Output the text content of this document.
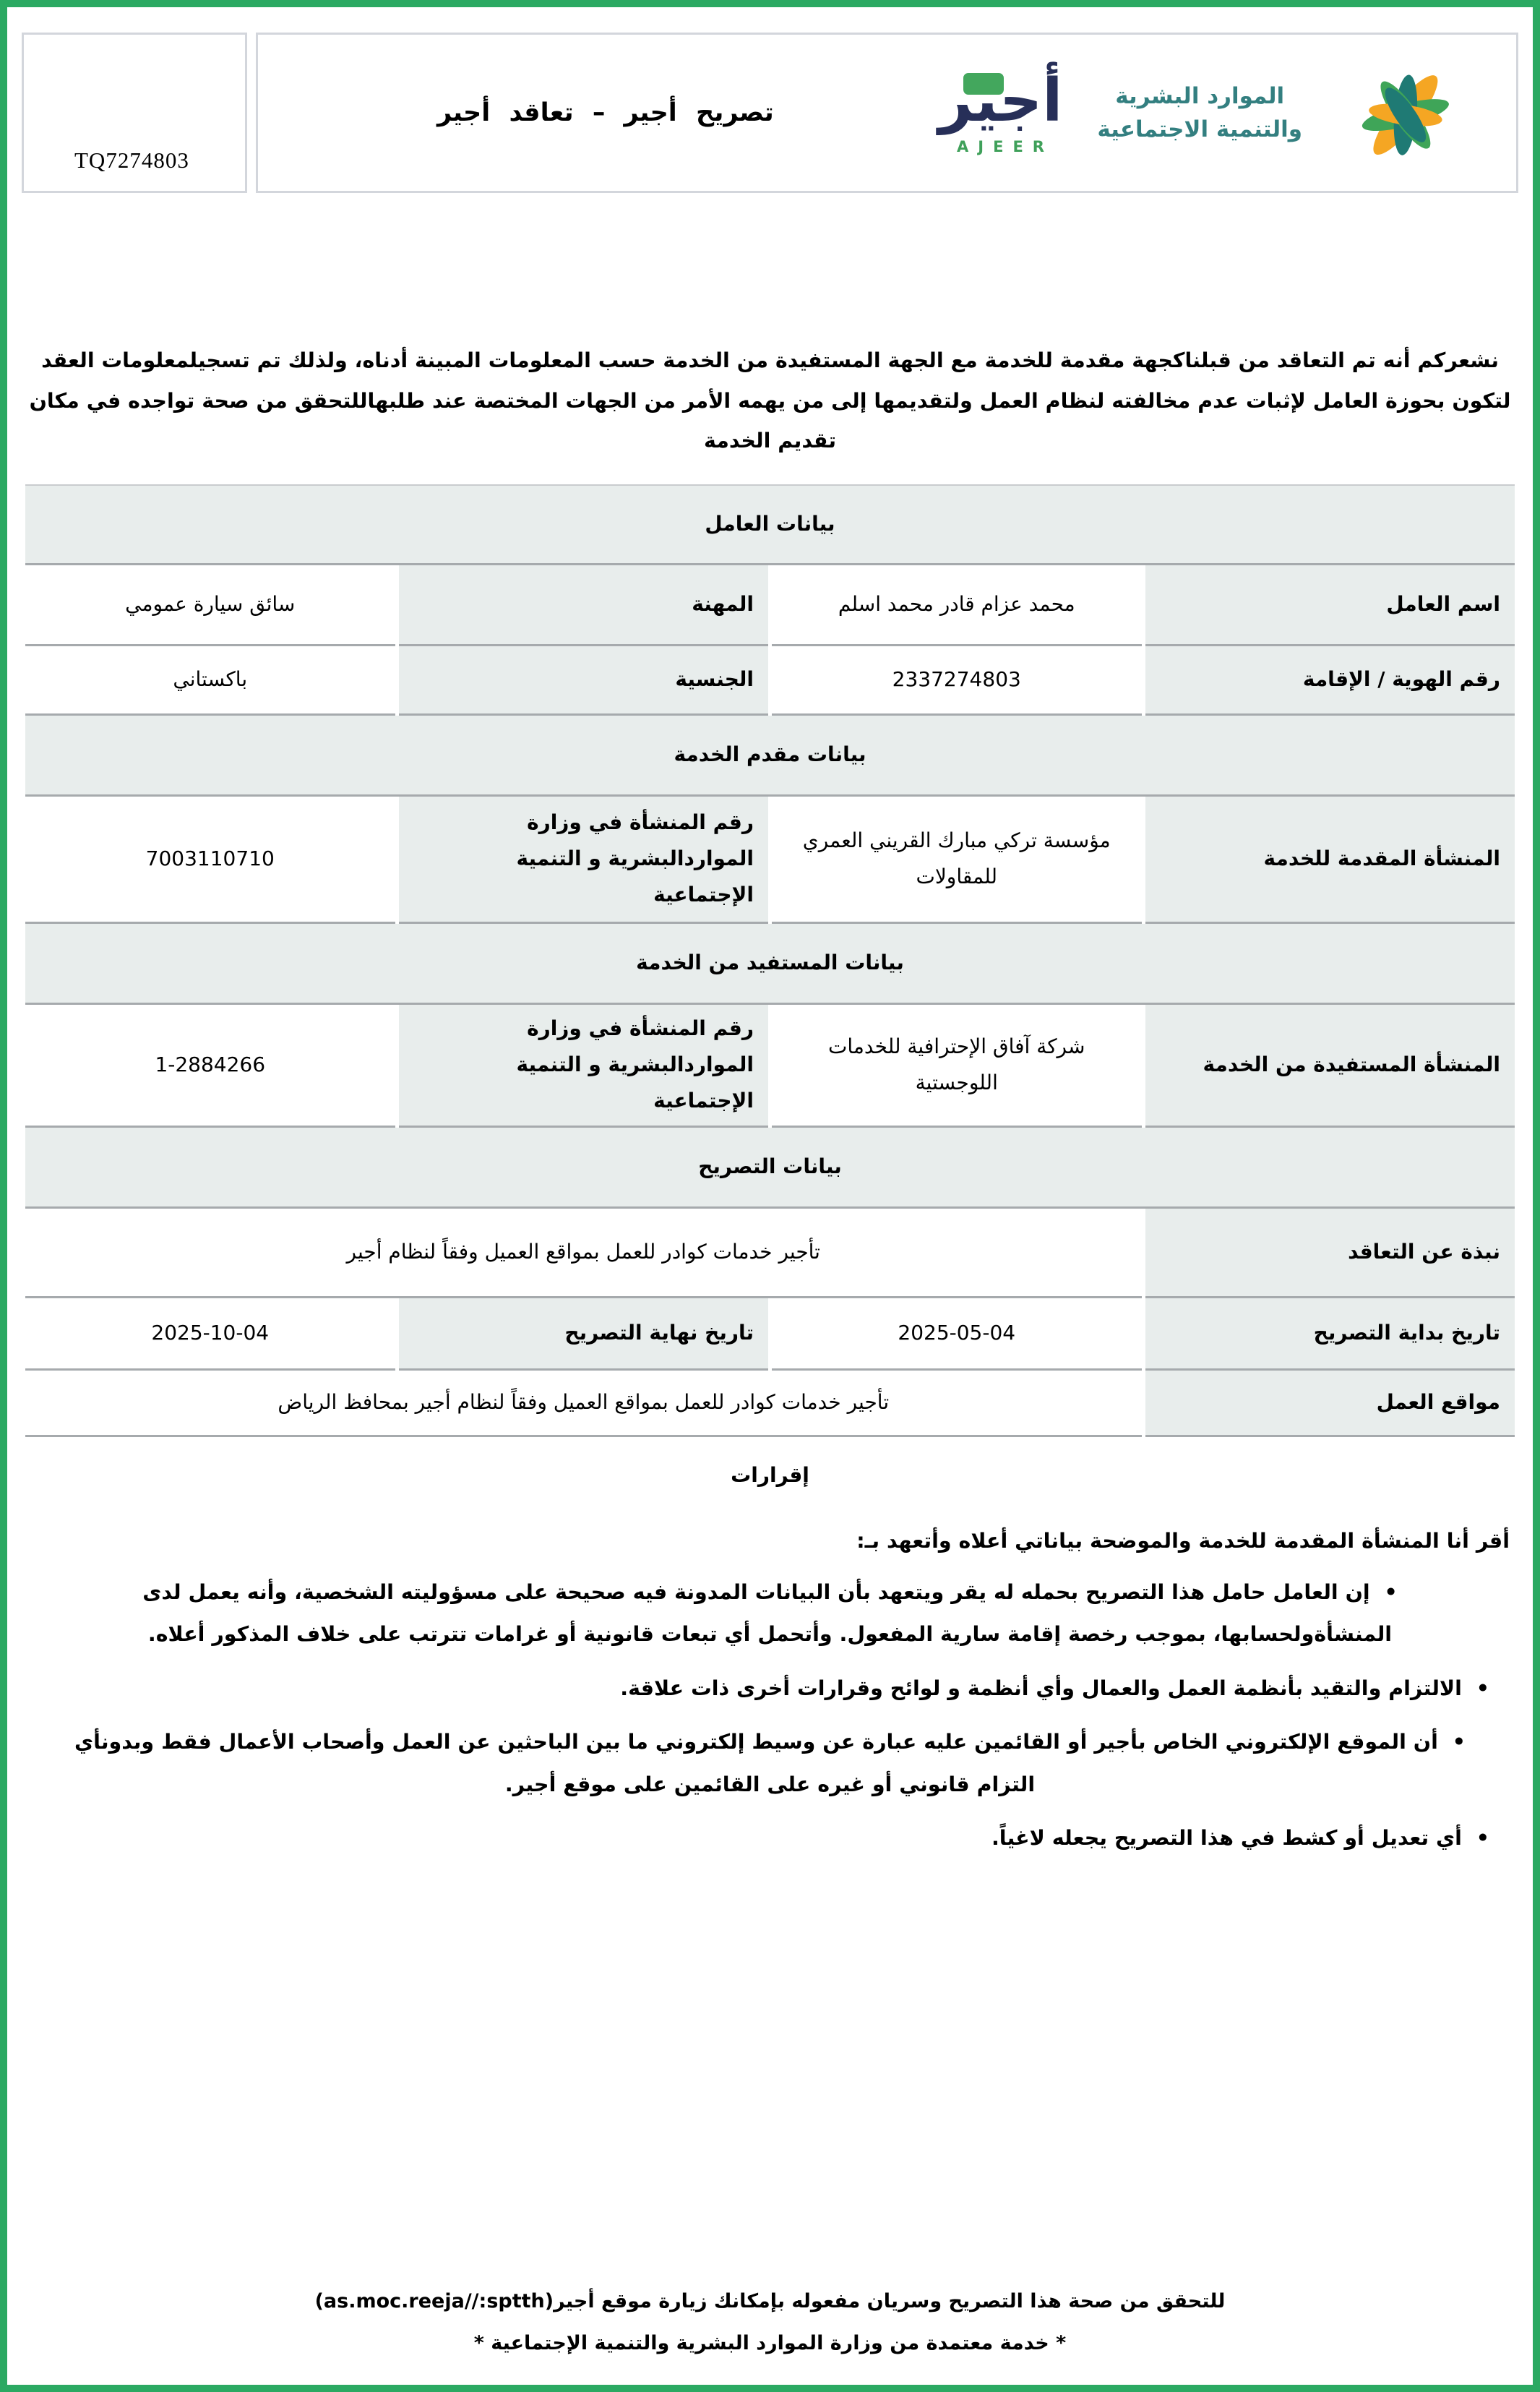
TQ7274803
تصريح أجير – تعاقد أجير	أجير
AJEER
الموارد البشرية
والتنمية الاجتماعية

نشعركم أنه تم التعاقد من قبلناكجهة مقدمة للخدمة مع الجهة المستفيدة من الخدمة حسب المعلومات المبينة أدناه، ولذلك تم تسجيلمعلومات العقد لتكون بحوزة العامل لإثبات عدم مخالفته لنظام العمل ولتقديمها إلى من يهمه الأمر من الجهات المختصة عند طلبهاللتحقق من صحة تواجده في مكان تقديم الخدمة

بيانات العامل			
اسم العامل	محمد عزام قادر محمد اسلم	المهنة	سائق سيارة عمومي
رقم الهوية / الإقامة	2337274803	الجنسية	باكستاني
بيانات مقدم الخدمة			
المنشأة المقدمة للخدمة	مؤسسة تركي مبارك القريني العمري للمقاولات	رقم المنشأة في وزارة المواردالبشرية و التنمية الإجتماعية	7003110710
بيانات المستفيد من الخدمة			
المنشأة المستفيدة من الخدمة	شركة آفاق الإحترافية للخدمات اللوجستية	رقم المنشأة في وزارة المواردالبشرية و التنمية الإجتماعية	1-2884266
بيانات التصريح			
نبذة عن التعاقد	تأجير خدمات كوادر للعمل بمواقع العميل وفقاً لنظام أجير		
تاريخ بداية التصريح	2025-05-04	تاريخ نهاية التصريح	2025-10-04
مواقع العمل	تأجير خدمات كوادر للعمل بمواقع العميل وفقاً لنظام أجير بمحافظ الرياض		
إقرارات

أقر أنا المنشأة المقدمة للخدمة والموضحة بياناتي أعلاه وأتعهد بـ:

•  إن العامل حامل هذا التصريح بحمله له يقر ويتعهد بأن البيانات المدونة فيه صحيحة على مسؤوليته الشخصية، وأنه يعمل لدى المنشأةولحسابها، بموجب رخصة إقامة سارية المفعول. وأتحمل أي تبعات قانونية أو غرامات تترتب على خلاف المذكور أعلاه.
•  الالتزام والتقيد بأنظمة العمل والعمال وأي أنظمة و لوائح وقرارات أخرى ذات علاقة.
•  أن الموقع الإلكتروني الخاص بأجير أو القائمين عليه عبارة عن وسيط إلكتروني ما بين الباحثين عن العمل وأصحاب الأعمال فقط وبدونأي التزام قانوني أو غيره على القائمين على موقع أجير.
•  أي تعديل أو كشط في هذا التصريح يجعله لاغياً.
للتحقق من صحة هذا التصريح وسريان مفعوله بإمكانك زيارة موقع أجير(as.moc.reeja//:sptth)
* خدمة معتمدة من وزارة الموارد البشرية والتنمية الإجتماعية *
